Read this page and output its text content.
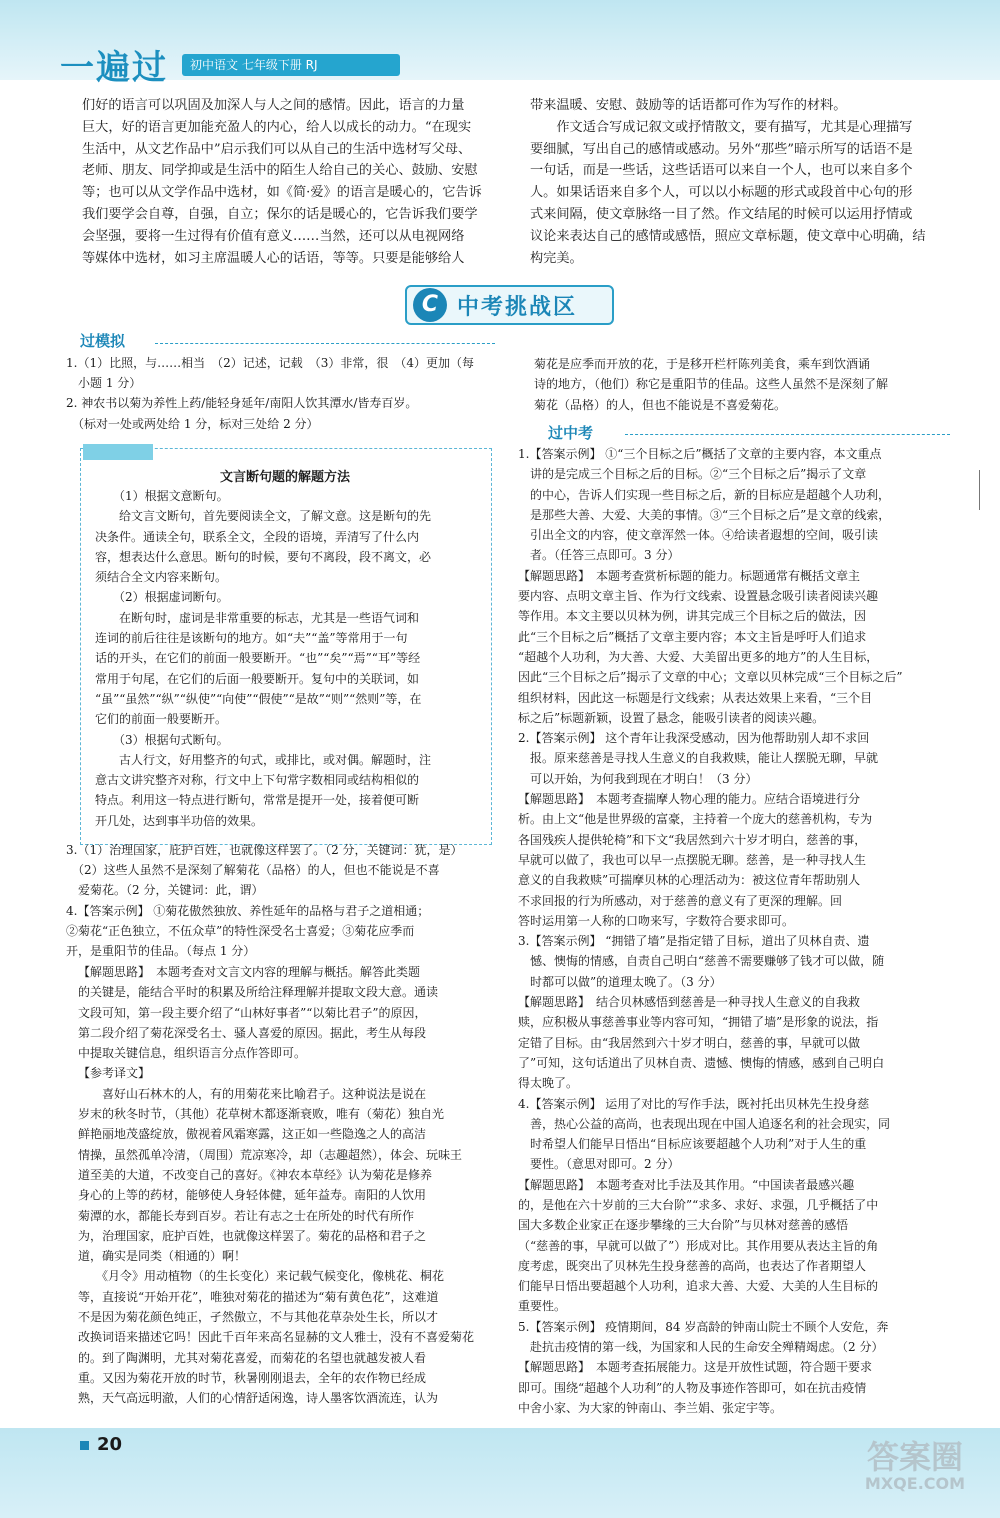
一遍过	初中语文 七年级下册 RJ
们好的语言可以巩固及加深人与人之间的感情。因此，语言的力量
巨大，好的语言更加能充盈人的内心，给人以成长的动力。“在现实
生活中，从文艺作品中”启示我们可以从自己的生活中选材写父母、
老师、朋友、同学抑或是生活中的陌生人给自己的关心、鼓励、安慰
等；也可以从文学作品中选材，如《简·爱》的语言是暖心的，它告诉
我们要学会自尊，自强，自立；保尔的话是暖心的，它告诉我们要学
会坚强，要将一生过得有价值有意义……当然，还可以从电视网络
等媒体中选材，如习主席温暖人心的话语，等等。只要是能够给人
带来温暖、安慰、鼓励等的话语都可作为写作的材料。
　　作文适合写成记叙文或抒情散文，要有描写，尤其是心理描写
要细腻，写出自己的感情或感动。另外“那些”暗示所写的话语不是
一句话，而是一些话，这些话语可以来自一个人，也可以来自多个
人。如果话语来自多个人，可以以小标题的形式或段首中心句的形
式来间隔，使文章脉络一目了然。作文结尾的时候可以运用抒情或
议论来表达自己的感情或感悟，照应文章标题，使文章中心明确，结
构完美。
C 中考挑战区
过模拟
1.（1）比照，与……相当　（2）记述，记载　（3）非常，很　（4）更加（每
　小题 1 分）
2. 神农书以菊为养性上药/能轻身延年/南阳人饮其潭水/皆寿百岁。
　（标对一处或两处给 1 分，标对三处给 2 分）
文言断句题的解题方法
　　（1）根据文意断句。
　　给文言文断句，首先要阅读全文，了解文意。这是断句的先
决条件。通读全句，联系全文，全段的语境，弄清写了什么内
容，想表达什么意思。断句的时候，要句不离段，段不离文，必
须结合全文内容来断句。
　　（2）根据虚词断句。
　　在断句时，虚词是非常重要的标志，尤其是一些语气词和
连词的前后往往是该断句的地方。如“夫”“盖”等常用于一句
话的开头，在它们的前面一般要断开。“也”“矣”“焉”“耳”等经
常用于句尾，在它们的后面一般要断开。复句中的关联词，如
“虽”“虽然”“纵”“纵使”“向使”“假使”“是故”“则”“然则”等，在
它们的前面一般要断开。
　　（3）根据句式断句。
　　古人行文，好用整齐的句式，或排比，或对偶。解题时，注
意古文讲究整齐对称，行文中上下句常字数相同或结构相似的
特点。利用这一特点进行断句，常常是提开一处，接着便可断
开几处，达到事半功倍的效果。
3.（1）治理国家，庇护百姓，也就像这样罢了。（2 分，关键词：犹，是）
　（2）这些人虽然不是深刻了解菊花（品格）的人，但也不能说是不喜
　爱菊花。（2 分，关键词：此，谓）
4.【答案示例】 ①菊花傲然独放、养性延年的品格与君子之道相通；
②菊花“正色独立，不伍众草”的特性深受名士喜爱；③菊花应季而
开，是重阳节的佳品。（每点 1 分）
【解题思路】　本题考查对文言文内容的理解与概括。解答此类题
的关键是，能结合平时的积累及所给注释理解并提取文段大意。通读
文段可知，第一段主要介绍了“山林好事者”“以菊比君子”的原因，
第二段介绍了菊花深受名士、骚人喜爱的原因。据此，考生从每段
中提取关键信息，组织语言分点作答即可。
【参考译文】
　　喜好山石林木的人，有的用菊花来比喻君子。这种说法是说在
岁末的秋冬时节，（其他）花草树木都逐渐衰败，唯有（菊花）独自光
鲜艳丽地茂盛绽放，傲视着风霜寒露，这正如一些隐逸之人的高洁
情操，虽然孤单冷清，（周围）荒凉寒冷，却（志趣超然），体会、玩味王
道至美的大道，不改变自己的喜好。《神农本草经》认为菊花是修养
身心的上等的药材，能够使人身轻体健，延年益寿。南阳的人饮用
菊潭的水，都能长寿到百岁。若让有志之士在所处的时代有所作
为，治理国家，庇护百姓，也就像这样罢了。菊花的品格和君子之
道，确实是同类（相通的）啊！
　　《月令》用动植物（的生长变化）来记载气候变化，像桃花、桐花
等，直接说“开始开花”，唯独对菊花的描述为“菊有黄色花”，这难道
不是因为菊花颜色纯正，孑然傲立，不与其他花草杂处生长，所以才
改换词语来描述它吗！因此千百年来高名显赫的文人雅士，没有不喜爱菊花
的。到了陶渊明，尤其对菊花喜爱，而菊花的名望也就越发被人看
重。又因为菊花开放的时节，秋暑刚刚退去，全年的农作物已经成
熟，天气高远明澈，人们的心情舒适闲逸，诗人墨客饮酒流连，认为
菊花是应季而开放的花，于是移开栏杆陈列美食，乘车到饮酒诵
诗的地方，（他们）称它是重阳节的佳品。这些人虽然不是深刻了解
菊花（品格）的人，但也不能说是不喜爱菊花。
过中考
1.【答案示例】 ①“三个目标之后”概括了文章的主要内容，本文重点
　讲的是完成三个目标之后的目标。②“三个目标之后”揭示了文章
　的中心，告诉人们实现一些目标之后，新的目标应是超越个人功利，
　是那些大善、大爱、大美的事情。③“三个目标之后”是文章的线索，
　引出全文的内容，使文章浑然一体。④给读者遐想的空间，吸引读
　者。（任答三点即可。3 分）
【解题思路】　本题考查赏析标题的能力。标题通常有概括文章主
要内容、点明文章主旨、作为行文线索、设置悬念吸引读者阅读兴趣
等作用。本文主要以贝林为例，讲其完成三个目标之后的做法，因
此“三个目标之后”概括了文章主要内容；本文主旨是呼吁人们追求
“超越个人功利，为大善、大爱、大美留出更多的地方”的人生目标，
因此“三个目标之后”揭示了文章的中心；文章以贝林完成“三个目标之后”
组织材料，因此这一标题是行文线索；从表达效果上来看，“三个目
标之后”标题新颖，设置了悬念，能吸引读者的阅读兴趣。
2.【答案示例】 这个青年让我深受感动，因为他帮助别人却不求回
　报。原来慈善是寻找人生意义的自我救赎，能让人摆脱无聊，早就
　可以开始，为何我到现在才明白！（3 分）
【解题思路】　本题考查揣摩人物心理的能力。应结合语境进行分
析。由上文“他是世界级的富豪，主持着一个庞大的慈善机构，专为
各国残疾人提供轮椅”和下文“我居然到六十岁才明白，慈善的事，
早就可以做了，我也可以早一点摆脱无聊。慈善，是一种寻找人生
意义的自我救赎”可揣摩贝林的心理活动为：被这位青年帮助别人
不求回报的行为所感动，对于慈善的意义有了更深的理解。回
答时运用第一人称的口吻来写，字数符合要求即可。
3.【答案示例】 “拥错了墙”是指定错了目标，道出了贝林自责、遗
　憾、懊悔的情感，自责自己明白“慈善不需要赚够了钱才可以做，随
　时都可以做”的道理太晚了。（3 分）
【解题思路】　结合贝林感悟到慈善是一种寻找人生意义的自我救
赎，应积极从事慈善事业等内容可知，“拥错了墙”是形象的说法，指
定错了目标。由“我居然到六十岁才明白，慈善的事，早就可以做
了”可知，这句话道出了贝林自责、遗憾、懊悔的情感，感到自己明白
得太晚了。
4.【答案示例】 运用了对比的写作手法，既衬托出贝林先生投身慈
　善，热心公益的高尚，也表现出现在中国人追逐名利的社会现实，同
　时希望人们能早日悟出“目标应该要超越个人功利”对于人生的重
　要性。（意思对即可。2 分）
【解题思路】　本题考查对比手法及其作用。“中国读者最感兴趣
的，是他在六十岁前的三大台阶”“求多、求好、求强，几乎概括了中
国大多数企业家正在逐步攀缘的三大台阶”与贝林对慈善的感悟
（“慈善的事，早就可以做了”）形成对比。其作用要从表达主旨的角
度考虑，既突出了贝林先生投身慈善的高尚，也表达了作者期望人
们能早日悟出要超越个人功利，追求大善、大爱、大美的人生目标的
重要性。
5.【答案示例】 疫情期间，84 岁高龄的钟南山院士不顾个人安危，奔
　赴抗击疫情的第一线，为国家和人民的生命安全殚精竭虑。（2 分）
【解题思路】　本题考查拓展能力。这是开放性试题，符合题干要求
即可。围绕“超越个人功利”的人物及事迹作答即可，如在抗击疫情
中舍小家、为大家的钟南山、李兰娟、张定宇等。
20	答案圈
MXQE.COM
